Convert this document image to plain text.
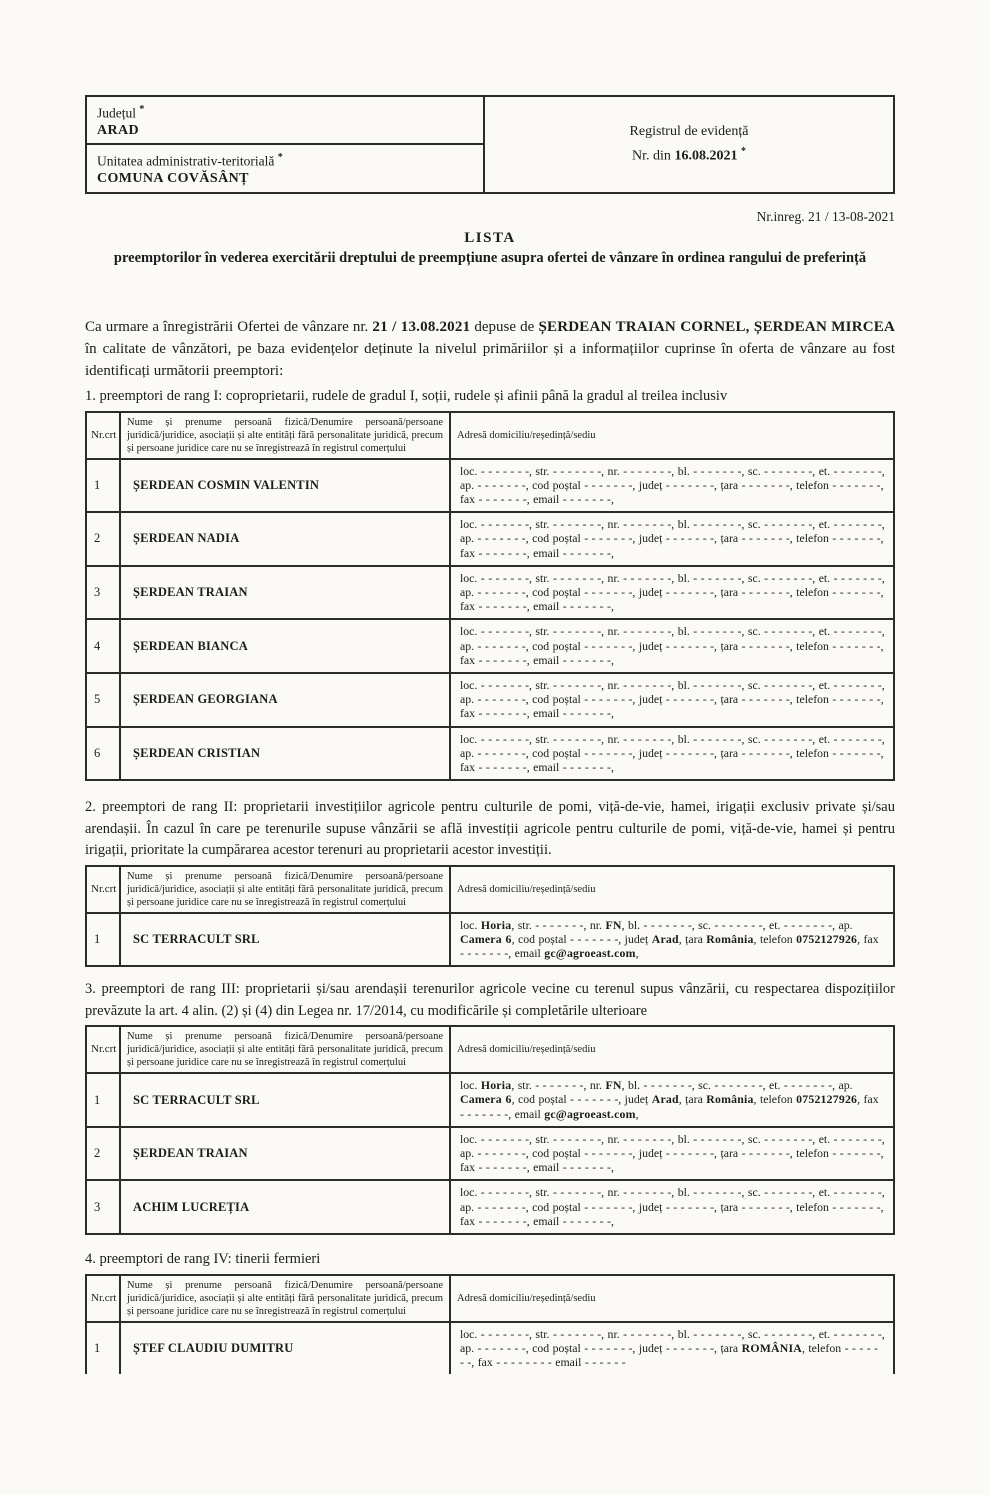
Județul *
ARAD
Unitatea administrativ-teritorială *
COMUNA COVĂSÂNȚ
Registrul de evidență
Nr. din 16.08.2021 *
Nr.inreg. 21 / 13-08-2021
LISTA
preemptorilor în vederea exercitării dreptului de preempțiune asupra ofertei de vânzare în ordinea rangului de preferință

Ca urmare a înregistrării Ofertei de vânzare nr. 21 / 13.08.2021 depuse de ȘERDEAN TRAIAN CORNEL, ȘERDEAN MIRCEA în calitate de vânzători, pe baza evidențelor deținute la nivelul primăriilor și a informațiilor cuprinse în oferta de vânzare au fost identificați următorii preemptori:

1. preemptori de rang I: coproprietarii, rudele de gradul I, soții, rudele și afinii până la gradul al treilea inclusiv

Nr.crt	Nume și prenume persoană fizică/Denumire persoană/persoane juridică/juridice, asociații și alte entități fără personalitate juridică, precum și persoane juridice care nu se înregistrează în registrul comerțului	Adresă domiciliu/reședință/sediu
1	ȘERDEAN COSMIN VALENTIN	loc. - - - - - - -, str. - - - - - - -, nr. - - - - - - -, bl. - - - - - - -, sc. - - - - - - -, et. - - - - - - -, ap. - - - - - - -, cod poștal - - - - - - -, județ - - - - - - -, țara - - - - - - -, telefon - - - - - - -, fax - - - - - - -, email - - - - - - -,
2	ȘERDEAN NADIA	loc. - - - - - - -, str. - - - - - - -, nr. - - - - - - -, bl. - - - - - - -, sc. - - - - - - -, et. - - - - - - -, ap. - - - - - - -, cod poștal - - - - - - -, județ - - - - - - -, țara - - - - - - -, telefon - - - - - - -, fax - - - - - - -, email - - - - - - -,
3	ȘERDEAN TRAIAN	loc. - - - - - - -, str. - - - - - - -, nr. - - - - - - -, bl. - - - - - - -, sc. - - - - - - -, et. - - - - - - -, ap. - - - - - - -, cod poștal - - - - - - -, județ - - - - - - -, țara - - - - - - -, telefon - - - - - - -, fax - - - - - - -, email - - - - - - -,
4	ȘERDEAN BIANCA	loc. - - - - - - -, str. - - - - - - -, nr. - - - - - - -, bl. - - - - - - -, sc. - - - - - - -, et. - - - - - - -, ap. - - - - - - -, cod poștal - - - - - - -, județ - - - - - - -, țara - - - - - - -, telefon - - - - - - -, fax - - - - - - -, email - - - - - - -,
5	ȘERDEAN GEORGIANA	loc. - - - - - - -, str. - - - - - - -, nr. - - - - - - -, bl. - - - - - - -, sc. - - - - - - -, et. - - - - - - -, ap. - - - - - - -, cod poștal - - - - - - -, județ - - - - - - -, țara - - - - - - -, telefon - - - - - - -, fax - - - - - - -, email - - - - - - -,
6	ȘERDEAN CRISTIAN	loc. - - - - - - -, str. - - - - - - -, nr. - - - - - - -, bl. - - - - - - -, sc. - - - - - - -, et. - - - - - - -, ap. - - - - - - -, cod poștal - - - - - - -, județ - - - - - - -, țara - - - - - - -, telefon - - - - - - -, fax - - - - - - -, email - - - - - - -,

2. preemptori de rang II: proprietarii investițiilor agricole pentru culturile de pomi, viță-de-vie, hamei, irigații exclusiv private și/sau arendașii. În cazul în care pe terenurile supuse vânzării se află investiții agricole pentru culturile de pomi, viță-de-vie, hamei și pentru irigații, prioritate la cumpărarea acestor terenuri au proprietarii acestor investiții.

Nr.crt	Nume și prenume persoană fizică/Denumire persoană/persoane juridică/juridice, asociații și alte entități fără personalitate juridică, precum și persoane juridice care nu se înregistrează în registrul comerțului	Adresă domiciliu/reședință/sediu
1	SC TERRACULT SRL	loc. Horia, str. - - - - - - -, nr. FN, bl. - - - - - - -, sc. - - - - - - -, et. - - - - - - -, ap. Camera 6, cod poștal - - - - - - -, județ Arad, țara România, telefon 0752127926, fax - - - - - - -, email gc@agroeast.com,

3. preemptori de rang III: proprietarii și/sau arendașii terenurilor agricole vecine cu terenul supus vânzării, cu respectarea dispozițiilor prevăzute la art. 4 alin. (2) și (4) din Legea nr. 17/2014, cu modificările și completările ulterioare

Nr.crt	Nume și prenume persoană fizică/Denumire persoană/persoane juridică/juridice, asociații și alte entități fără personalitate juridică, precum și persoane juridice care nu se înregistrează în registrul comerțului	Adresă domiciliu/reședință/sediu
1	SC TERRACULT SRL	loc. Horia, str. - - - - - - -, nr. FN, bl. - - - - - - -, sc. - - - - - - -, et. - - - - - - -, ap. Camera 6, cod poștal - - - - - - -, județ Arad, țara România, telefon 0752127926, fax - - - - - - -, email gc@agroeast.com,
2	ȘERDEAN TRAIAN	loc. - - - - - - -, str. - - - - - - -, nr. - - - - - - -, bl. - - - - - - -, sc. - - - - - - -, et. - - - - - - -, ap. - - - - - - -, cod poștal - - - - - - -, județ - - - - - - -, țara - - - - - - -, telefon - - - - - - -, fax - - - - - - -, email - - - - - - -,
3	ACHIM LUCREȚIA	loc. - - - - - - -, str. - - - - - - -, nr. - - - - - - -, bl. - - - - - - -, sc. - - - - - - -, et. - - - - - - -, ap. - - - - - - -, cod poștal - - - - - - -, județ - - - - - - -, țara - - - - - - -, telefon - - - - - - -, fax - - - - - - -, email - - - - - - -,

4. preemptori de rang IV: tinerii fermieri

Nr.crt	Nume și prenume persoană fizică/Denumire persoană/persoane juridică/juridice, asociații și alte entități fără personalitate juridică, precum și persoane juridice care nu se înregistrează în registrul comerțului	Adresă domiciliu/reședință/sediu
1	ȘTEF CLAUDIU DUMITRU	loc. - - - - - - -, str. - - - - - - -, nr. - - - - - - -, bl. - - - - - - -, sc. - - - - - - -, et. - - - - - - -, ap. - - - - - - -, cod poștal - - - - - - -, județ - - - - - - -, țara ROMÂNIA, telefon - - - - - - -, fax - - - - - - - - email - - - - - -
